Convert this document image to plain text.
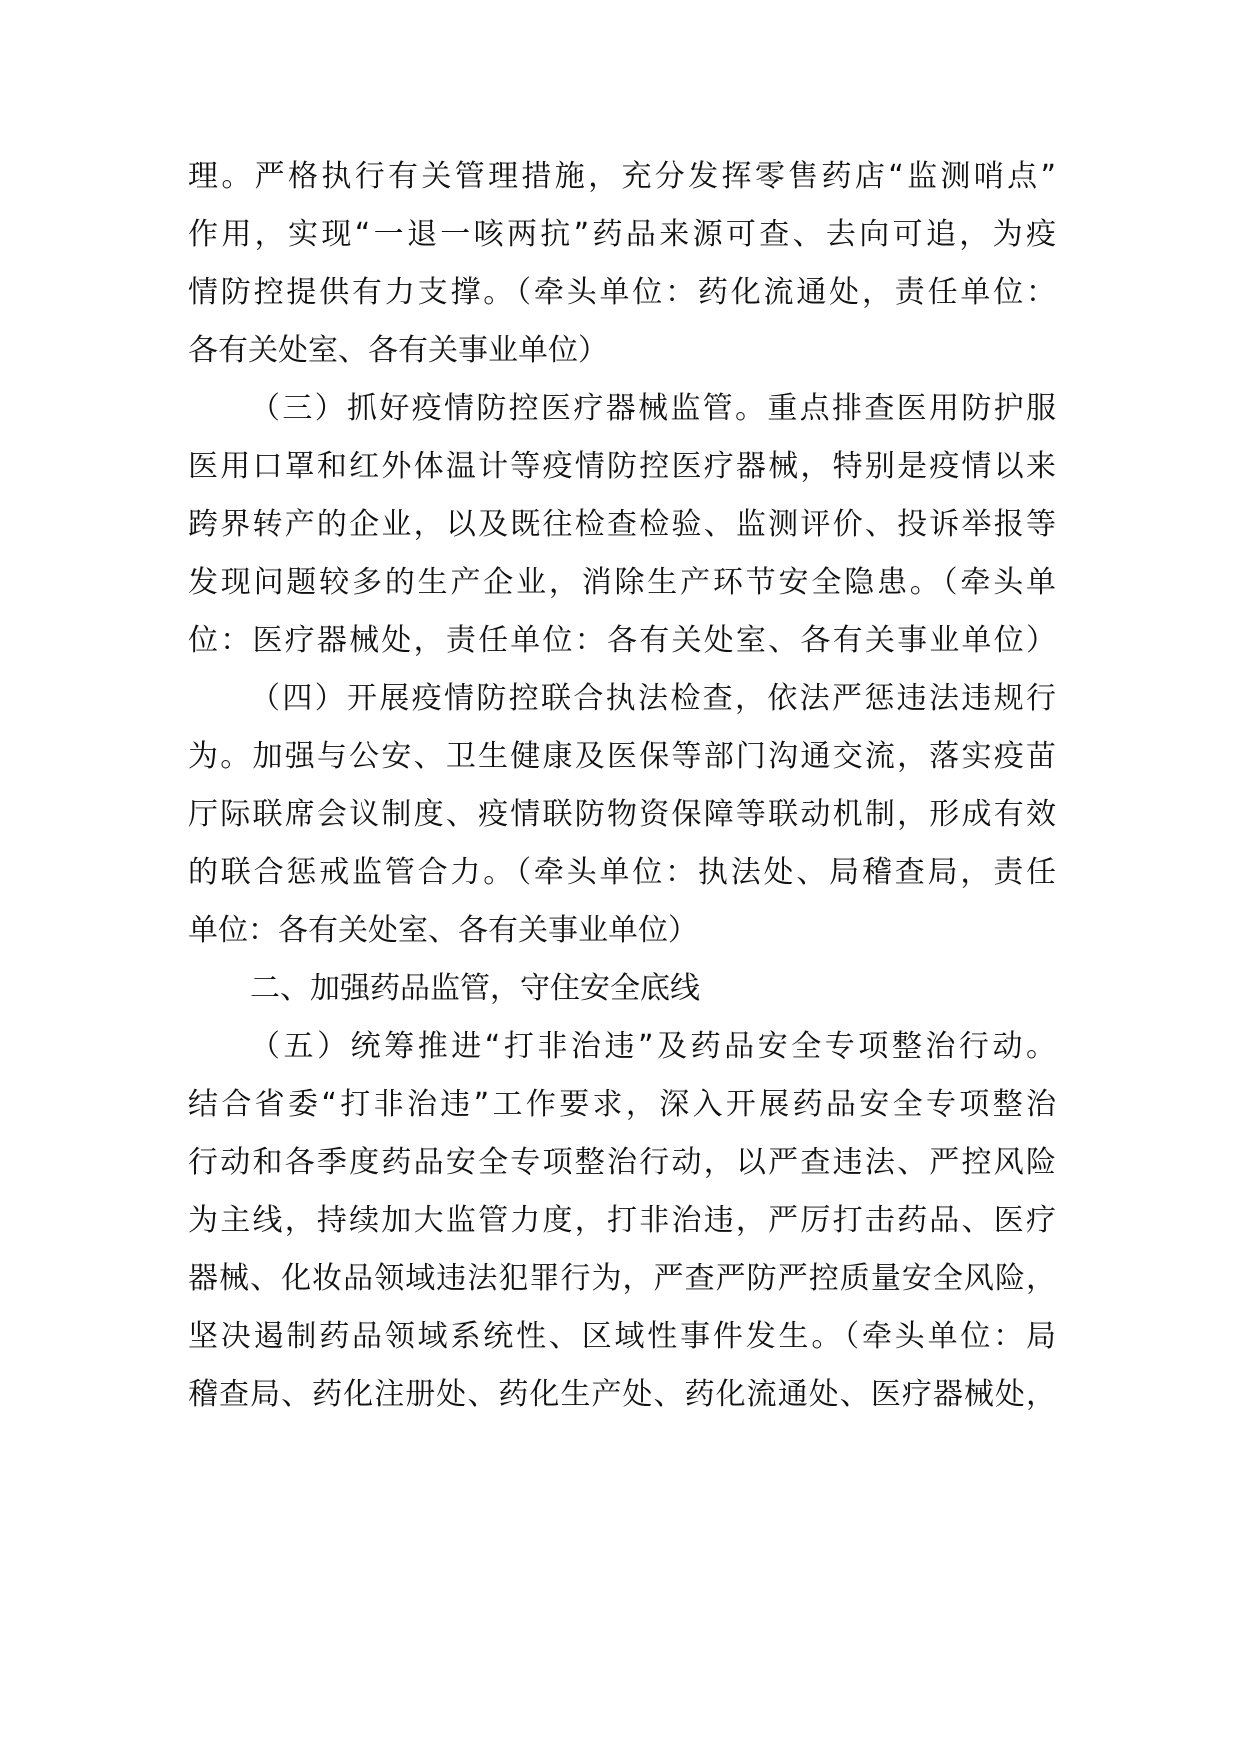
理。严格执行有关管理措施，充分发挥零售药店“监测哨点”

作用，实现“一退一咳两抗”药品来源可查、去向可追，为疫

情防控提供有力支撑。（牵头单位：药化流通处，责任单位：

各有关处室、各有关事业单位）

（三）抓好疫情防控医疗器械监管。重点排查医用防护服

医用口罩和红外体温计等疫情防控医疗器械，特别是疫情以来

跨界转产的企业，以及既往检查检验、监测评价、投诉举报等

发现问题较多的生产企业，消除生产环节安全隐患。（牵头单

位：医疗器械处，责任单位：各有关处室、各有关事业单位）

（四）开展疫情防控联合执法检查，依法严惩违法违规行

为。加强与公安、卫生健康及医保等部门沟通交流，落实疫苗

厅际联席会议制度、疫情联防物资保障等联动机制，形成有效

的联合惩戒监管合力。（牵头单位：执法处、局稽查局，责任

单位：各有关处室、各有关事业单位）

二、加强药品监管，守住安全底线

（五）统筹推进“打非治违”及药品安全专项整治行动。

结合省委“打非治违”工作要求，深入开展药品安全专项整治

行动和各季度药品安全专项整治行动，以严查违法、严控风险

为主线，持续加大监管力度，打非治违，严厉打击药品、医疗

器械、化妆品领域违法犯罪行为，严查严防严控质量安全风险，

坚决遏制药品领域系统性、区域性事件发生。（牵头单位：局

稽查局、药化注册处、药化生产处、药化流通处、医疗器械处，
